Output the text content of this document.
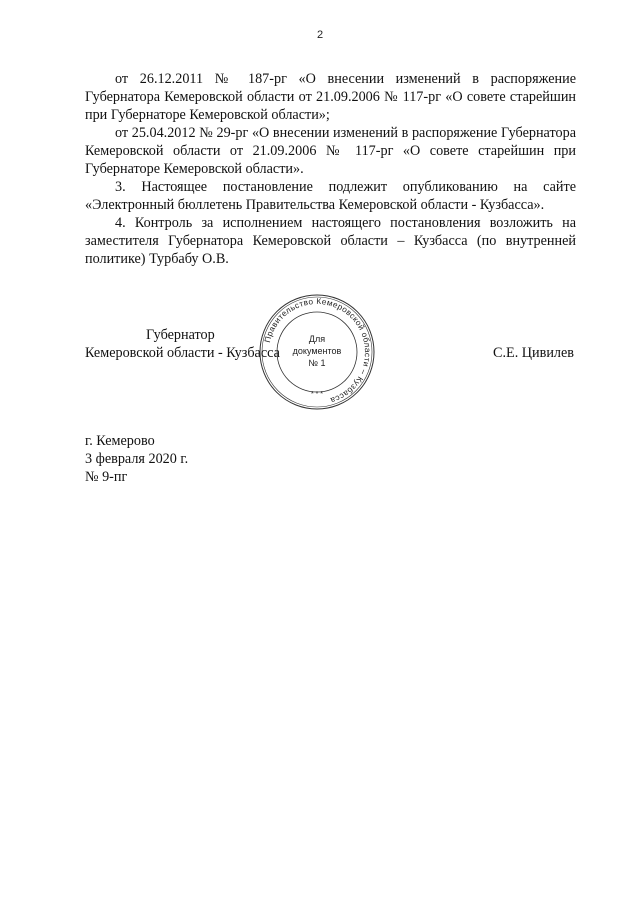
2

от 26.12.2011 № 187-рг «О внесении изменений в распоряжение Губернатора Кемеровской области от 21.09.2006 № 117-рг «О совете старейшин при Губернаторе Кемеровской области»;

от 25.04.2012 № 29-рг «О внесении изменений в распоряжение Губернатора Кемеровской области от 21.09.2006 № 117-рг «О совете старейшин при Губернаторе Кемеровской области».

3. Настоящее постановление подлежит опубликованию на сайте «Электронный бюллетень Правительства Кемеровской области - Кузбасса».

4. Контроль за исполнением настоящего постановления возложить на заместителя Губернатора Кемеровской области – Кузбасса (по внутренней политике) Турбабу О.В.

Губернатор
Кемеровской области - Кузбасса	С.Е. Цивилев
Правительство Кемеровской области – Кузбасса
* * *
Для
документов
№ 1
г. Кемерово
3 февраля 2020 г.
№ 9-пг
